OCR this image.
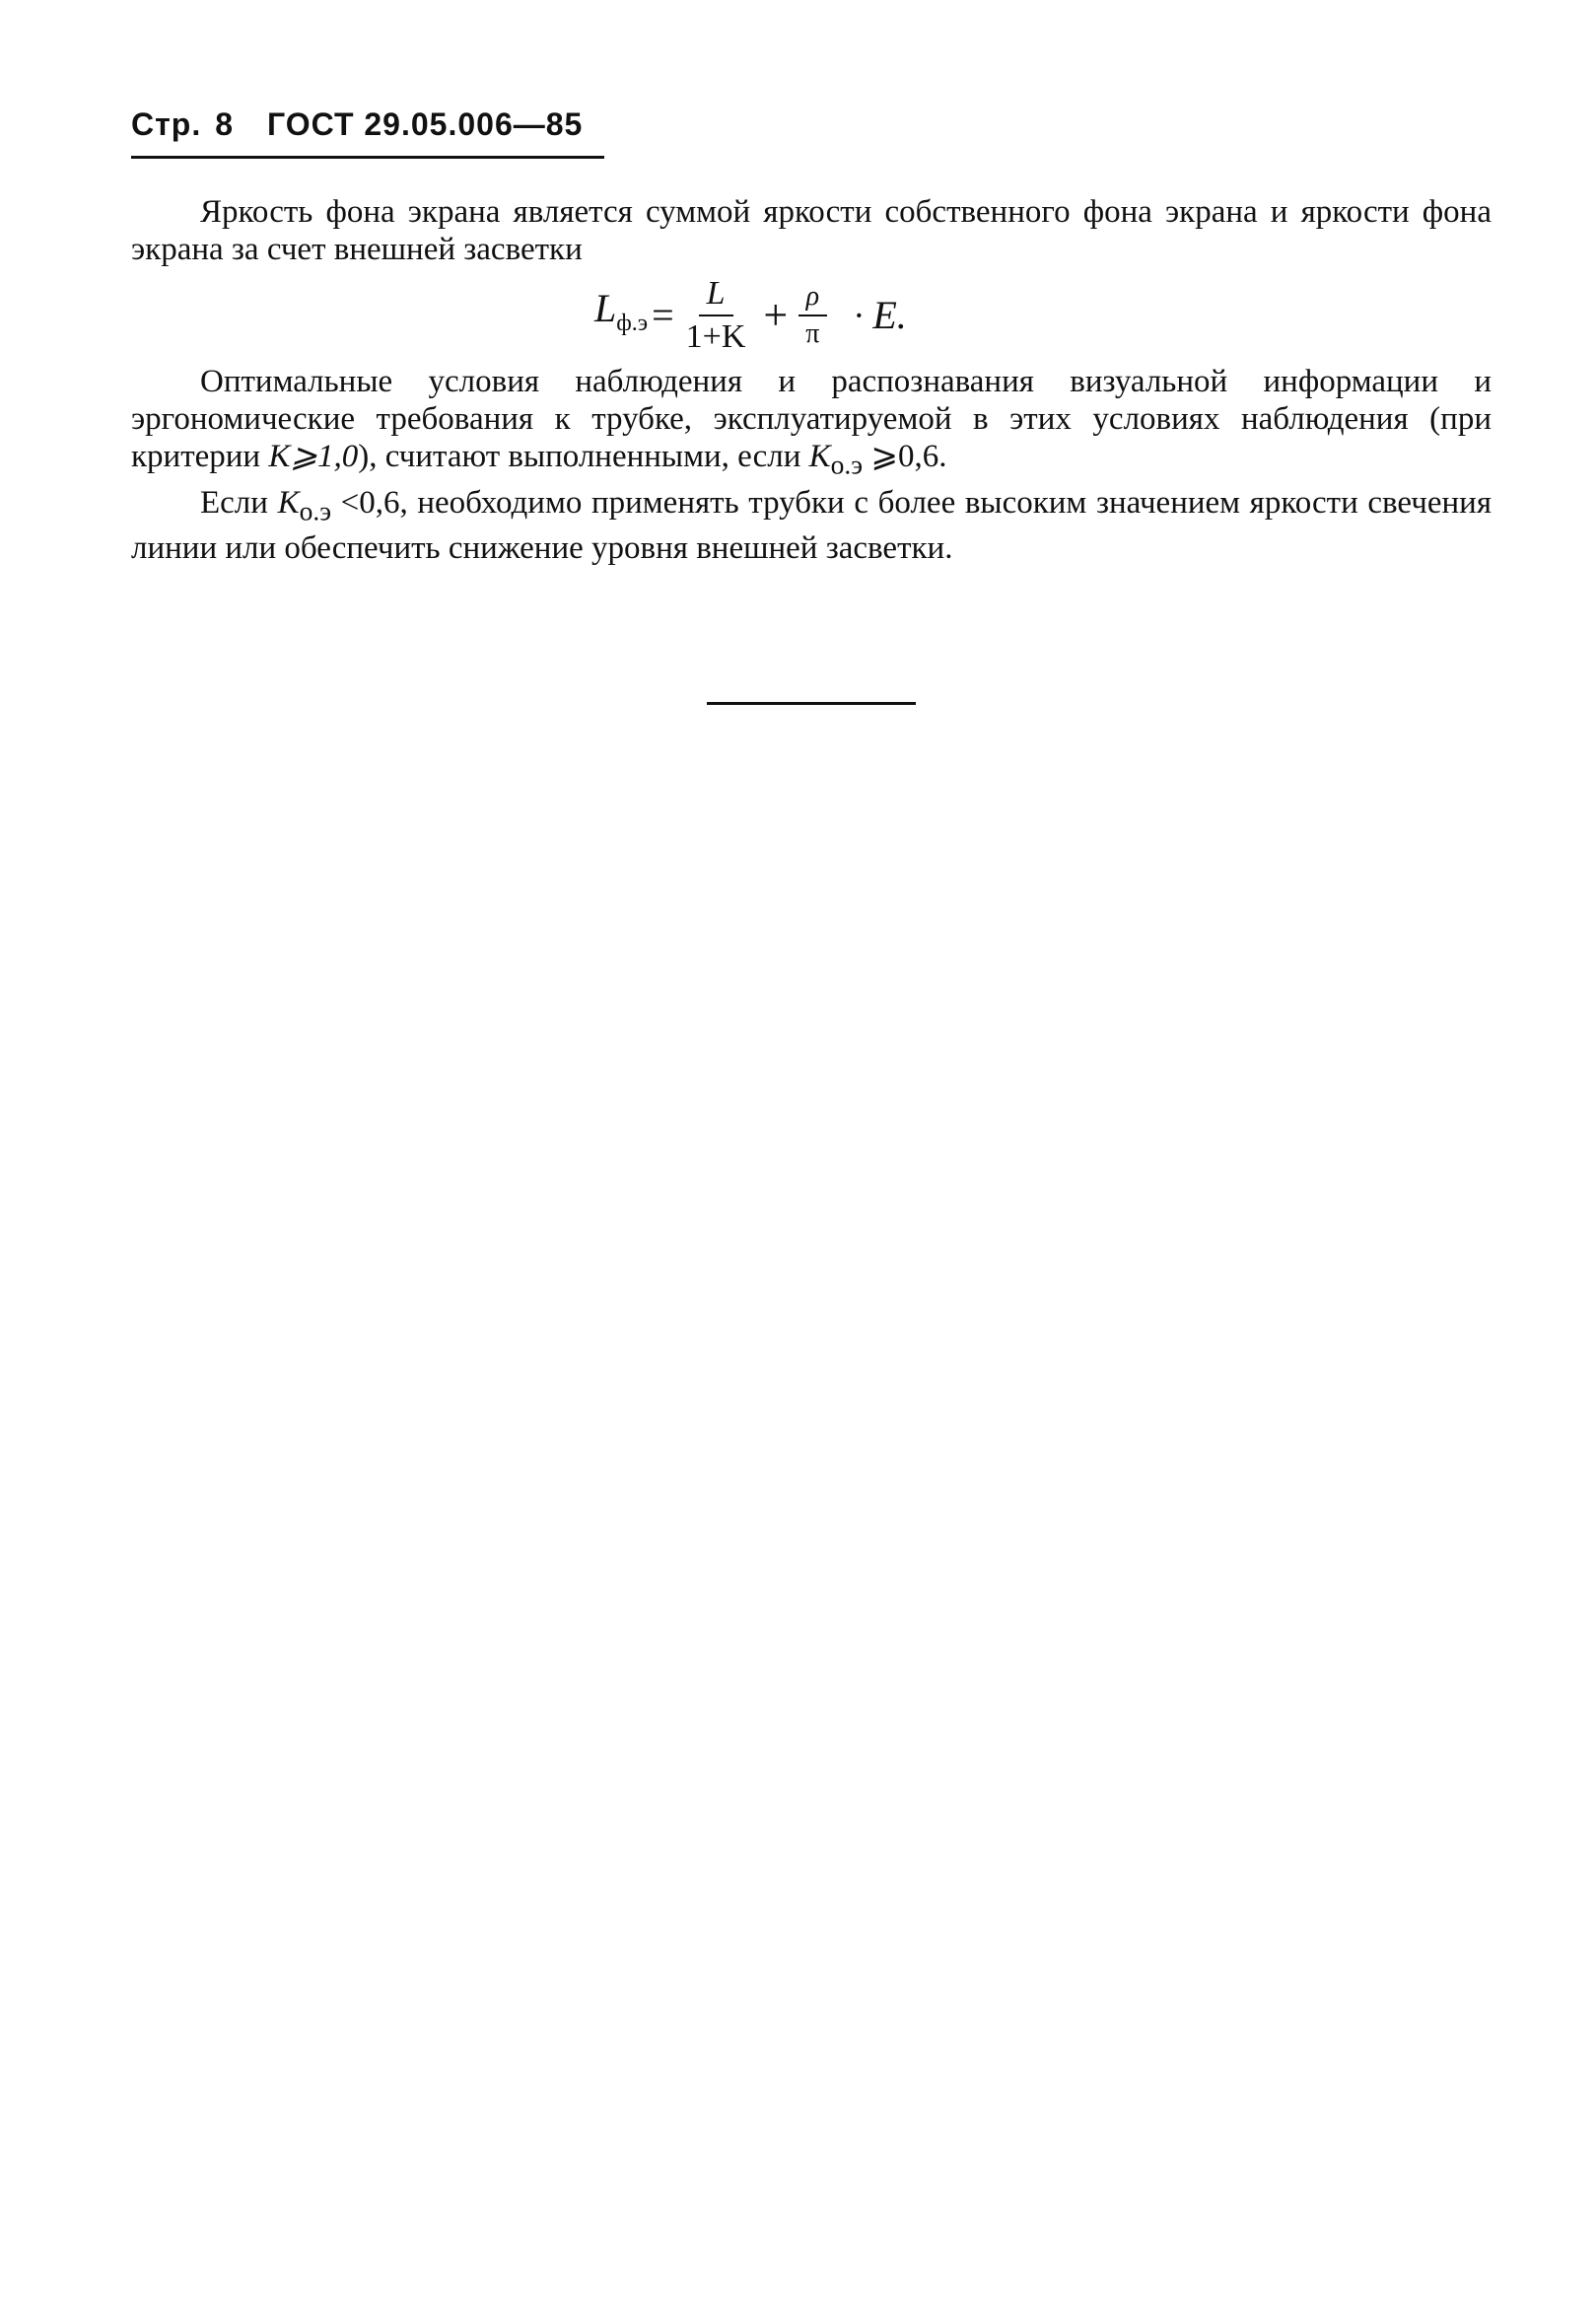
Стр. 8 ГОСТ 29.05.006—85

Яркость фона экрана является суммой яркости собственного фона экрана и яркости фона экрана за счет внешней засветки

$L_{ф.э} = \frac{L}{1+K} + \frac{\rho}{\pi} \cdot E$.

Оптимальные условия наблюдения и распознавания визуальной информации и эргономические требования к трубке, эксплуатируемой в этих условиях наблюдения (при критерии K⩾1,0), считают выполненными, если $K_{о.э}$ ⩾0,6.

Если $K_{о.э} <0,6$, необходимо применять трубки с более высоким значением яркости свечения линии или обеспечить снижение уровня внешней засветки.
